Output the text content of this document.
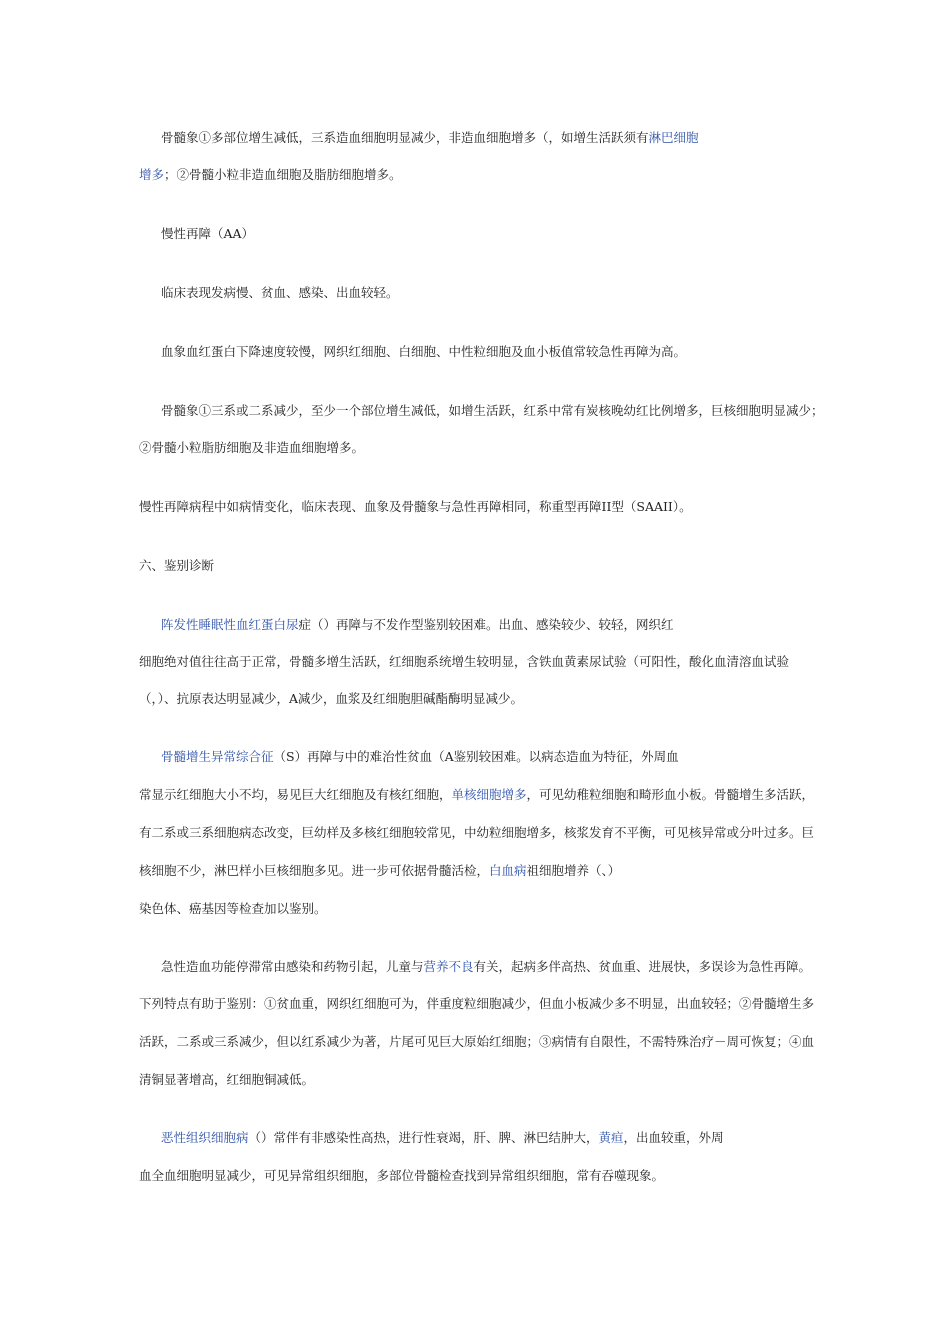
骨髓象①多部位增生减低，三系造血细胞明显减少，非造血细胞增多（，如增生活跃须有淋巴细胞
增多；②骨髓小粒非造血细胞及脂肪细胞增多。
慢性再障（AA）
临床表现发病慢、贫血、感染、出血较轻。
血象血红蛋白下降速度较慢，网织红细胞、白细胞、中性粒细胞及血小板值常较急性再障为高。
骨髓象①三系或二系减少，至少一个部位增生减低，如增生活跃，红系中常有炭核晚幼红比例增多，巨核细胞明显减少；
②骨髓小粒脂肪细胞及非造血细胞增多。
慢性再障病程中如病情变化，临床表现、血象及骨髓象与急性再障相同，称重型再障II型（SAAII）。
六、鉴别诊断
阵发性睡眠性血红蛋白尿症（）再障与不发作型鉴别较困难。出血、感染较少、较轻，网织红
细胞绝对值往往高于正常，骨髓多增生活跃，红细胞系统增生较明显，含铁血黄素尿试验（可阳性，酸化血清溶血试验
（，）、抗原表达明显减少，A减少，血浆及红细胞胆碱酯酶明显减少。
骨髓增生异常综合征（S）再障与中的难治性贫血（A鉴别较困难。以病态造血为特征，外周血
常显示红细胞大小不均，易见巨大红细胞及有核红细胞，单核细胞增多，可见幼稚粒细胞和畸形血小板。骨髓增生多活跃，
有二系或三系细胞病态改变，巨幼样及多核红细胞较常见，中幼粒细胞增多，核浆发育不平衡，可见核异常或分叶过多。巨
核细胞不少，淋巴样小巨核细胞多见。进一步可依据骨髓活检，白血病祖细胞增养（、）
染色体、癌基因等检查加以鉴别。
急性造血功能停滞常由感染和药物引起，儿童与营养不良有关，起病多伴高热、贫血重、进展快，多误诊为急性再障。
下列特点有助于鉴别：①贫血重，网织红细胞可为，伴重度粒细胞减少，但血小板减少多不明显，出血较轻；②骨髓增生多
活跃，二系或三系减少，但以红系减少为著，片尾可见巨大原始红细胞；③病情有自限性，不需特殊治疗－周可恢复；④血
清铜显著增高，红细胞铜减低。
恶性组织细胞病（）常伴有非感染性高热，进行性衰竭，肝、脾、淋巴结肿大，黄疸，出血较重，外周
血全血细胞明显减少，可见异常组织细胞，多部位骨髓检查找到异常组织细胞，常有吞噬现象。
